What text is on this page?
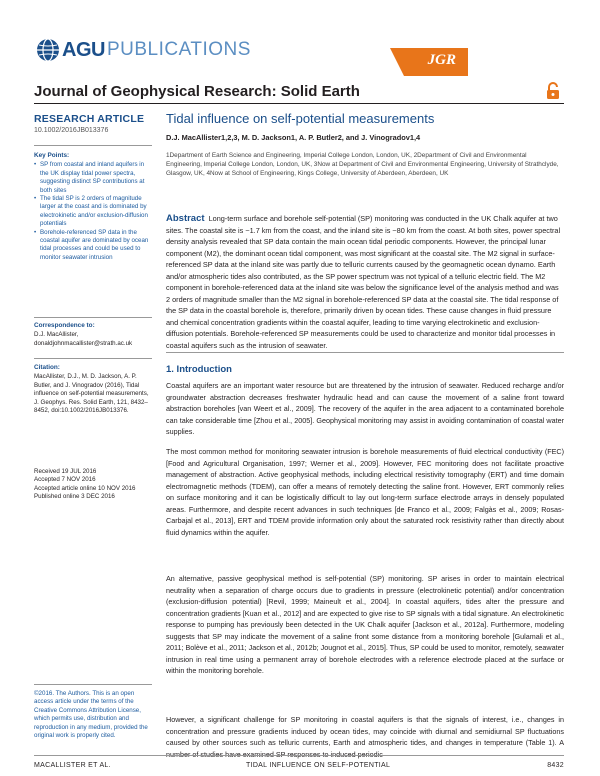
AGU PUBLICATIONS	JGR
Journal of Geophysical Research: Solid Earth
RESEARCH ARTICLE
10.1002/2016JB013376
Key Points:
• SP from coastal and inland aquifers in the UK display tidal power spectra, suggesting distinct SP contributions at both sites
• The tidal SP is 2 orders of magnitude larger at the coast and is dominated by electrokinetic and/or exclusion-diffusion potentials
• Borehole-referenced SP data in the coastal aquifer are dominated by ocean tidal processes and could be used to monitor seawater intrusion
Correspondence to:
D.J. MacAllister,
donaldjohnmacallister@strath.ac.uk
Citation:
MacAllister, D.J., M. D. Jackson, A. P. Butler, and J. Vinogradov (2016), Tidal influence on self-potential measurements, J. Geophys. Res. Solid Earth, 121, 8432–8452, doi:10.1002/2016JB013376.
Received 19 JUL 2016
Accepted 7 NOV 2016
Accepted article online 10 NOV 2016
Published online 3 DEC 2016
©2016. The Authors. This is an open access article under the terms of the Creative Commons Attribution License, which permits use, distribution and reproduction in any medium, provided the original work is properly cited.
Tidal influence on self-potential measurements
D.J. MacAllister1,2,3, M. D. Jackson1, A. P. Butler2, and J. Vinogradov1,4
1Department of Earth Science and Engineering, Imperial College London, London, UK, 2Department of Civil and Environmental Engineering, Imperial College London, London, UK, 3Now at Department of Civil and Environmental Engineering, University of Strathclyde, Glasgow, UK, 4Now at School of Engineering, Kings College, University of Aberdeen, Aberdeen, UK
Abstract Long-term surface and borehole self-potential (SP) monitoring was conducted in the UK Chalk aquifer at two sites. The coastal site is ~1.7 km from the coast, and the inland site is ~80 km from the coast. At both sites, power spectral density analysis revealed that SP data contain the main ocean tidal periodic components. However, the principal lunar component (M2), the dominant ocean tidal component, was most significant at the coastal site. The M2 signal in surface-referenced SP data at the inland site was partly due to telluric currents caused by the geomagnetic ocean dynamo. Earth and/or atmospheric tides also contributed, as the SP power spectrum was not typical of a telluric electric field. The M2 component in borehole-referenced data at the inland site was below the significance level of the analysis method and was 2 orders of magnitude smaller than the M2 signal in borehole-referenced SP data at the coastal site. The tidal response of the SP data in the coastal borehole is, therefore, primarily driven by ocean tides. These cause changes in fluid pressure and chemical concentration gradients within the coastal aquifer, leading to time varying electrokinetic and exclusion-diffusion potentials. Borehole-referenced SP measurements could be used to characterize and monitor tidal processes in coastal aquifers such as the intrusion of seawater.
1. Introduction
Coastal aquifers are an important water resource but are threatened by the intrusion of seawater. Reduced recharge and/or groundwater abstraction decreases freshwater hydraulic head and can cause the movement of a saline front toward abstraction boreholes [van Weert et al., 2009]. The recovery of the aquifer in the area adjacent to a contaminated borehole can take considerable time [Zhou et al., 2005]. Geophysical monitoring may assist in avoiding contamination of coastal water supplies.
The most common method for monitoring seawater intrusion is borehole measurements of fluid electrical conductivity (FEC) [Food and Agricultural Organisation, 1997; Werner et al., 2009]. However, FEC monitoring does not facilitate proactive management of abstraction. Active geophysical methods, including electrical resistivity tomography (ERT) and time domain electromagnetic methods (TDEM), can offer a means of remotely detecting the saline front. However, ERT commonly relies on surface monitoring and it can be logistically difficult to lay out long-term surface electrode arrays in densely populated areas. Furthermore, and despite recent advances in such techniques [de Franco et al., 2009; Falgàs et al., 2009; Rosas-Carbajal et al., 2013], ERT and TDEM provide information only about the saturated rock resistivity rather than directly about fluid dynamics within the aquifer.
An alternative, passive geophysical method is self-potential (SP) monitoring. SP arises in order to maintain electrical neutrality when a separation of charge occurs due to gradients in pressure (electrokinetic potential) and/or concentration (exclusion-diffusion potential) [Revil, 1999; Maineult et al., 2004]. In coastal aquifers, tides alter the pressure and concentration gradients [Kuan et al., 2012] and are expected to give rise to SP signals with a tidal signature. An electrokinetic response to pumping has previously been detected in the UK Chalk aquifer [Jackson et al., 2012a]. Furthermore, modeling suggests that SP may indicate the movement of a saline front some distance from a monitoring borehole [Gulamali et al., 2011; Bolève et al., 2011; Jackson et al., 2012b; Jougnot et al., 2015]. Thus, SP could be used to monitor, remotely, seawater intrusion in real time using a permanent array of borehole electrodes with a reference electrode placed at the surface or within the monitoring borehole.
However, a significant challenge for SP monitoring in coastal aquifers is that the signals of interest, i.e., changes in concentration and pressure gradients induced by ocean tides, may coincide with diurnal and semidiurnal SP fluctuations caused by other sources such as telluric currents, Earth and atmospheric tides, and changes in temperature (Table 1). A number of studies have examined SP responses to induced periodic
MACALLISTER ET AL.	TIDAL INFLUENCE ON SELF-POTENTIAL	8432
